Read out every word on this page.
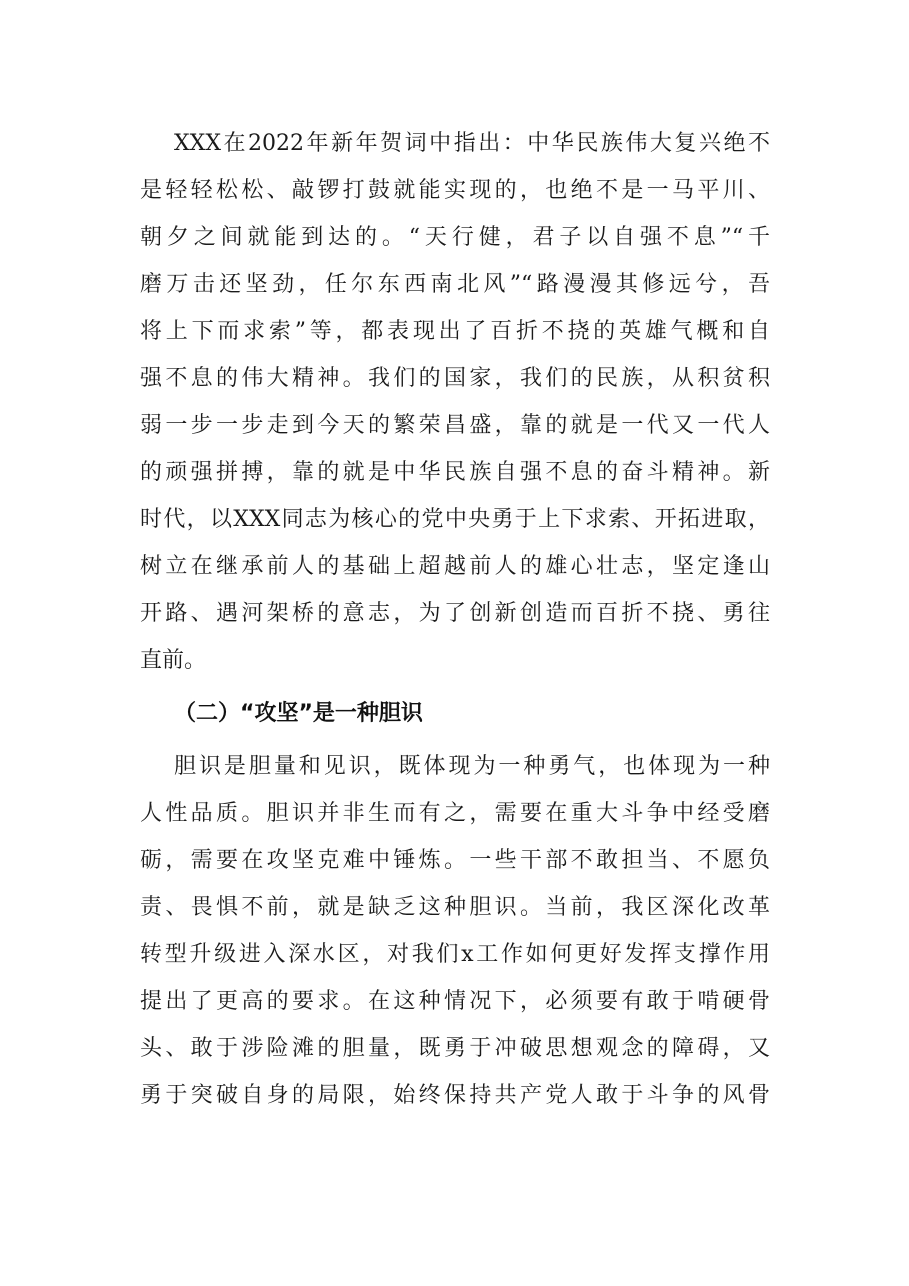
XXX在2022年新年贺词中指出：中华民族伟大复兴绝不
是轻轻松松、敲锣打鼓就能实现的，也绝不是一马平川、
朝夕之间就能到达的。“天行健，君子以自强不息”“千
磨万击还坚劲，任尔东西南北风”“路漫漫其修远兮，吾
将上下而求索”等，都表现出了百折不挠的英雄气概和自
强不息的伟大精神。我们的国家，我们的民族，从积贫积
弱一步一步走到今天的繁荣昌盛，靠的就是一代又一代人
的顽强拼搏，靠的就是中华民族自强不息的奋斗精神。新
时代，以XXX同志为核心的党中央勇于上下求索、开拓进取，
树立在继承前人的基础上超越前人的雄心壮志，坚定逢山
开路、遇河架桥的意志，为了创新创造而百折不挠、勇往
直前。
（二）“攻坚”是一种胆识
胆识是胆量和见识，既体现为一种勇气，也体现为一种
人性品质。胆识并非生而有之，需要在重大斗争中经受磨
砺，需要在攻坚克难中锤炼。一些干部不敢担当、不愿负
责、畏惧不前，就是缺乏这种胆识。当前，我区深化改革
转型升级进入深水区，对我们x工作如何更好发挥支撑作用
提出了更高的要求。在这种情况下，必须要有敢于啃硬骨
头、敢于涉险滩的胆量，既勇于冲破思想观念的障碍，又
勇于突破自身的局限，始终保持共产党人敢于斗争的风骨
